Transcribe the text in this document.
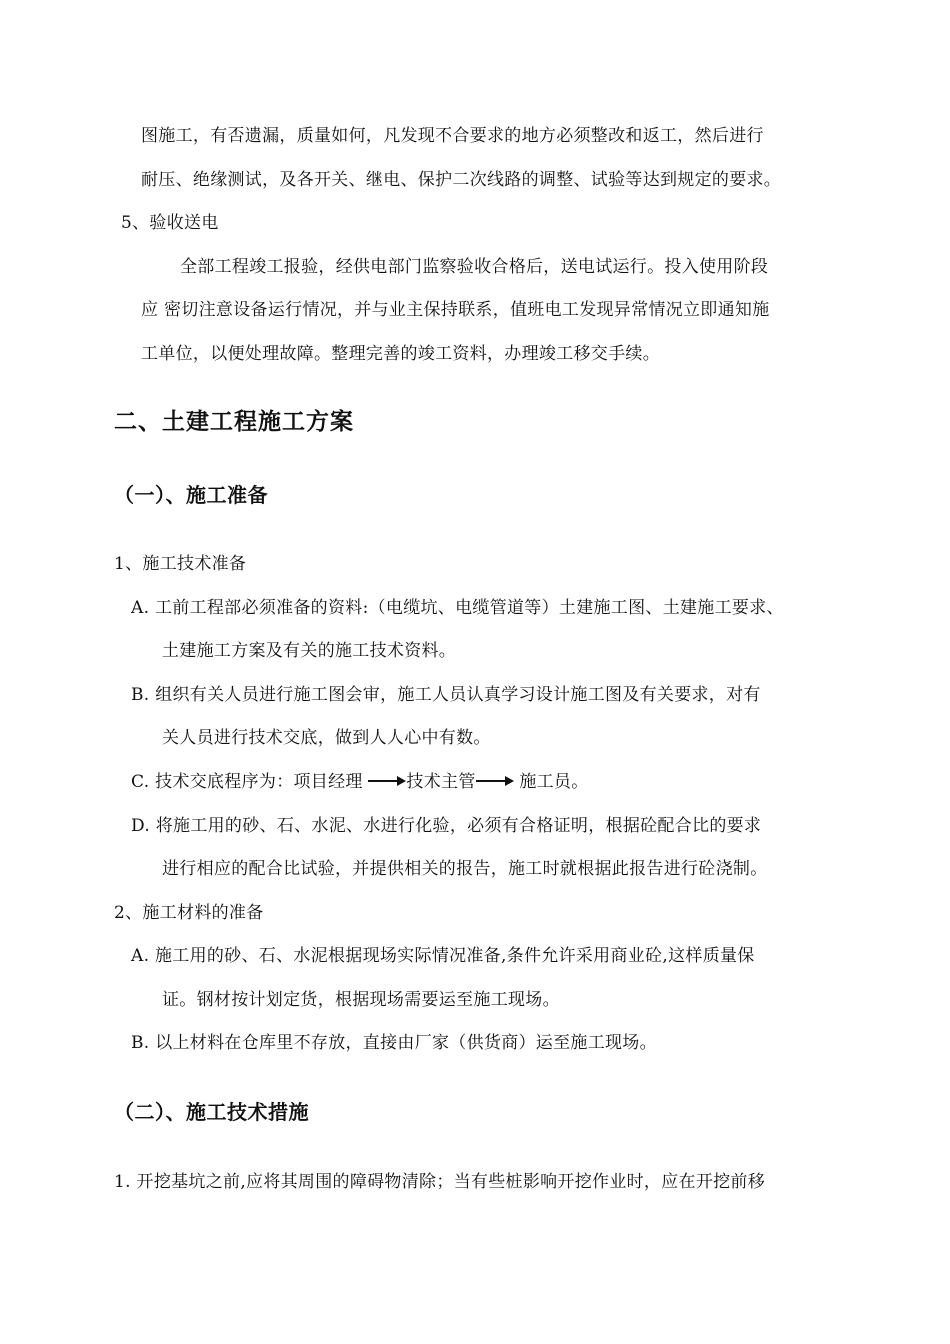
图施工，有否遗漏，质量如何，凡发现不合要求的地方必须整改和返工，然后进行
耐压、绝缘测试，及各开关、继电、保护二次线路的调整、试验等达到规定的要求。
5、验收送电
全部工程竣工报验，经供电部门监察验收合格后，送电试运行。投入使用阶段
应 密切注意设备运行情况，并与业主保持联系，值班电工发现异常情况立即通知施
工单位，以便处理故障。整理完善的竣工资料，办理竣工移交手续。
二、土建工程施工方案
（一）、施工准备
1、施工技术准备
A. 工前工程部必须准备的资料:（电缆坑、电缆管道等）土建施工图、土建施工要求、
土建施工方案及有关的施工技术资料。
B. 组织有关人员进行施工图会审，施工人员认真学习设计施工图及有关要求，对有
关人员进行技术交底，做到人人心中有数。
C. 技术交底程序为：项目经理 技术主管 施工员。
D. 将施工用的砂、石、水泥、水进行化验，必须有合格证明，根据砼配合比的要求
进行相应的配合比试验，并提供相关的报告，施工时就根据此报告进行砼浇制。
2、施工材料的准备
A. 施工用的砂、石、水泥根据现场实际情况准备,条件允许采用商业砼,这样质量保
证。钢材按计划定货，根据现场需要运至施工现场。
B. 以上材料在仓库里不存放，直接由厂家（供货商）运至施工现场。
（二）、施工技术措施
1. 开挖基坑之前,应将其周围的障碍物清除；当有些桩影响开挖作业时，应在开挖前移
